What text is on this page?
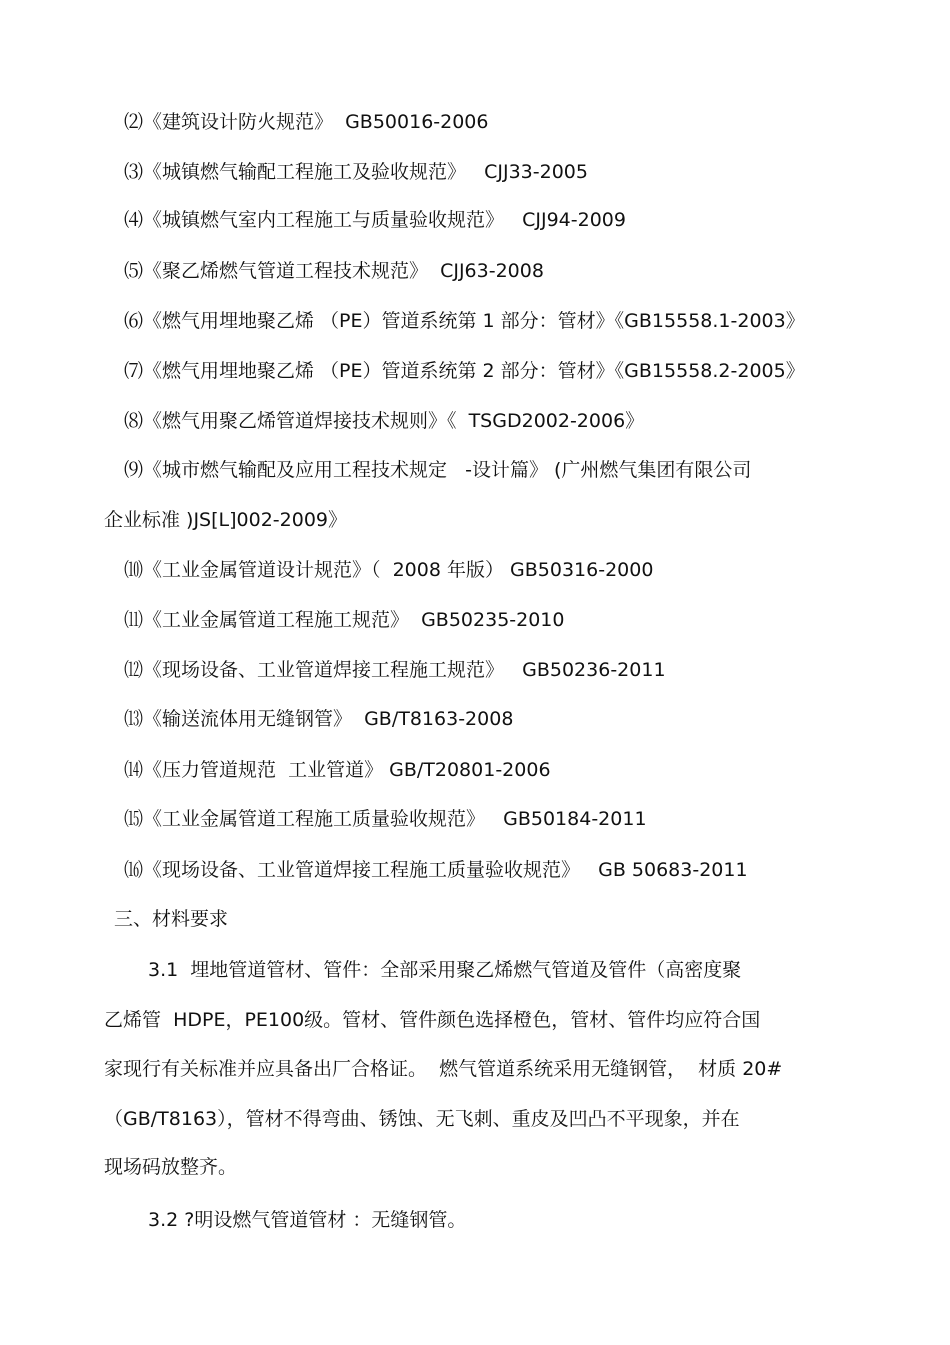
⑵《建筑设计防火规范》  GB50016-2006
⑶《城镇燃气输配工程施工及验收规范》   CJJ33-2005
⑷《城镇燃气室内工程施工与质量验收规范》   CJJ94-2009
⑸《聚乙烯燃气管道工程技术规范》  CJJ63-2008
⑹《燃气用埋地聚乙烯 （PE）管道系统第 1 部分：管材》《GB15558.1-2003》
⑺《燃气用埋地聚乙烯 （PE）管道系统第 2 部分：管材》《GB15558.2-2005》
⑻《燃气用聚乙烯管道焊接技术规则》《  TSGD2002-2006》
⑼《城市燃气输配及应用工程技术规定   -设计篇》 (广州燃气集团有限公司
企业标准 )JS[L]002-2009》
⑽《工业金属管道设计规范》（  2008 年版） GB50316-2000
⑾《工业金属管道工程施工规范》  GB50235-2010
⑿《现场设备、工业管道焊接工程施工规范》   GB50236-2011
⒀《输送流体用无缝钢管》  GB/T8163-2008
⒁《压力管道规范  工业管道》 GB/T20801-2006
⒂《工业金属管道工程施工质量验收规范》   GB50184-2011
⒃《现场设备、工业管道焊接工程施工质量验收规范》   GB 50683-2011
三、材料要求
3.1  埋地管道管材、管件：全部采用聚乙烯燃气管道及管件（高密度聚
乙烯管  HDPE，PE100级。管材、管件颜色选择橙色，管材、管件均应符合国
家现行有关标准并应具备出厂合格证。  燃气管道系统采用无缝钢管，  材质 20#
（GB/T8163），管材不得弯曲、锈蚀、无飞刺、重皮及凹凸不平现象，并在
现场码放整齐。
3.2 ?明设燃气管道管材 ：无缝钢管。
